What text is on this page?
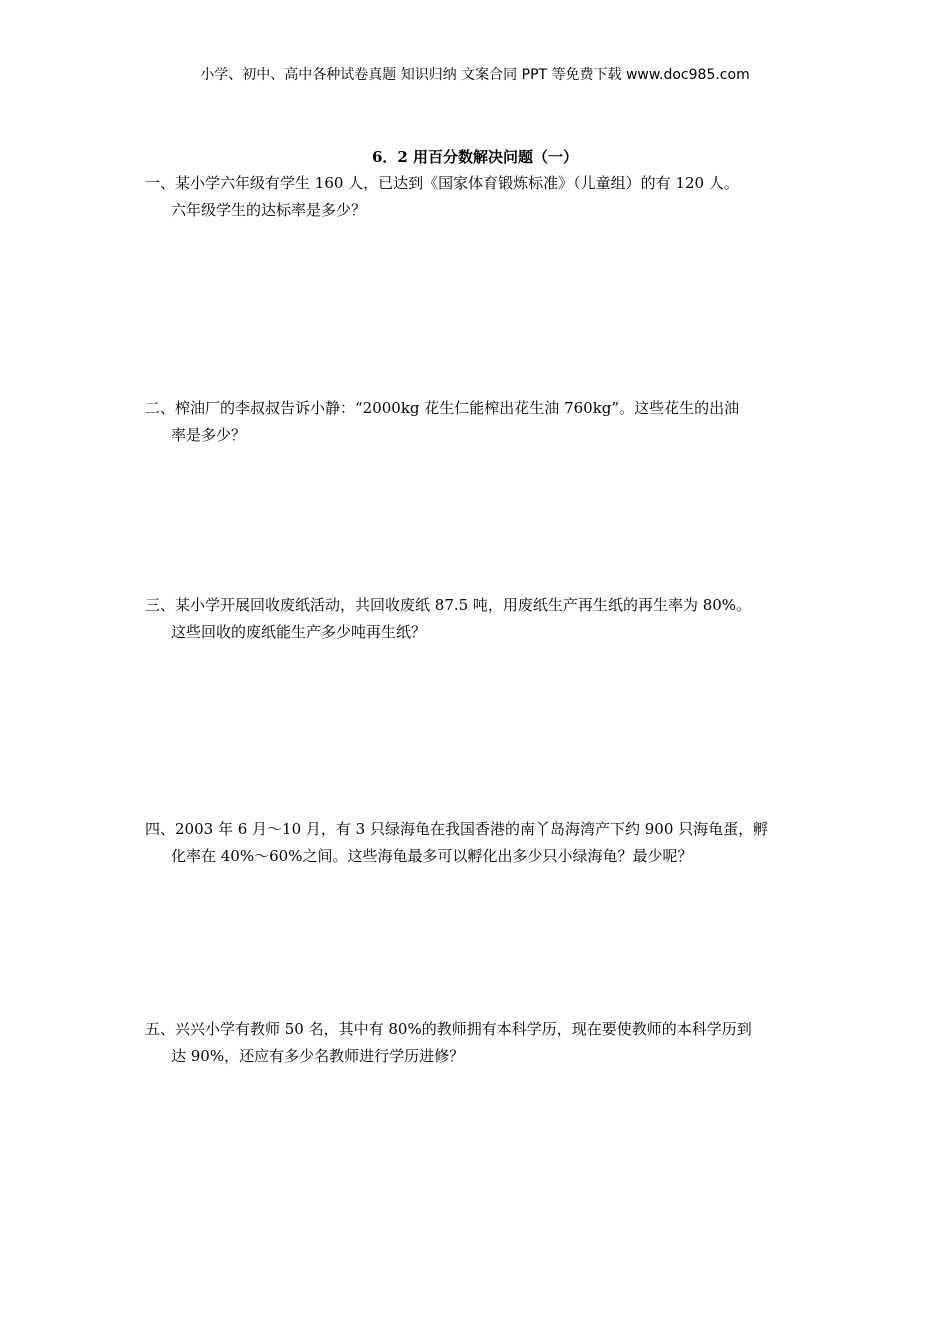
小学、初中、高中各种试卷真题 知识归纳 文案合同 PPT 等免费下载 www.doc985.com
6．2 用百分数解决问题（一）
一、某小学六年级有学生 160 人，已达到《国家体育锻炼标准》（儿童组）的有 120 人。
六年级学生的达标率是多少？
二、榨油厂的李叔叔告诉小静：“2000kg 花生仁能榨出花生油 760kg”。这些花生的出油
率是多少？
三、某小学开展回收废纸活动，共回收废纸 87.5 吨，用废纸生产再生纸的再生率为 80%。
这些回收的废纸能生产多少吨再生纸？
四、2003 年 6 月～10 月，有 3 只绿海龟在我国香港的南丫岛海湾产下约 900 只海龟蛋，孵
化率在 40%～60%之间。这些海龟最多可以孵化出多少只小绿海龟？最少呢？
五、兴兴小学有教师 50 名，其中有 80%的教师拥有本科学历，现在要使教师的本科学历到
达 90%，还应有多少名教师进行学历进修？
